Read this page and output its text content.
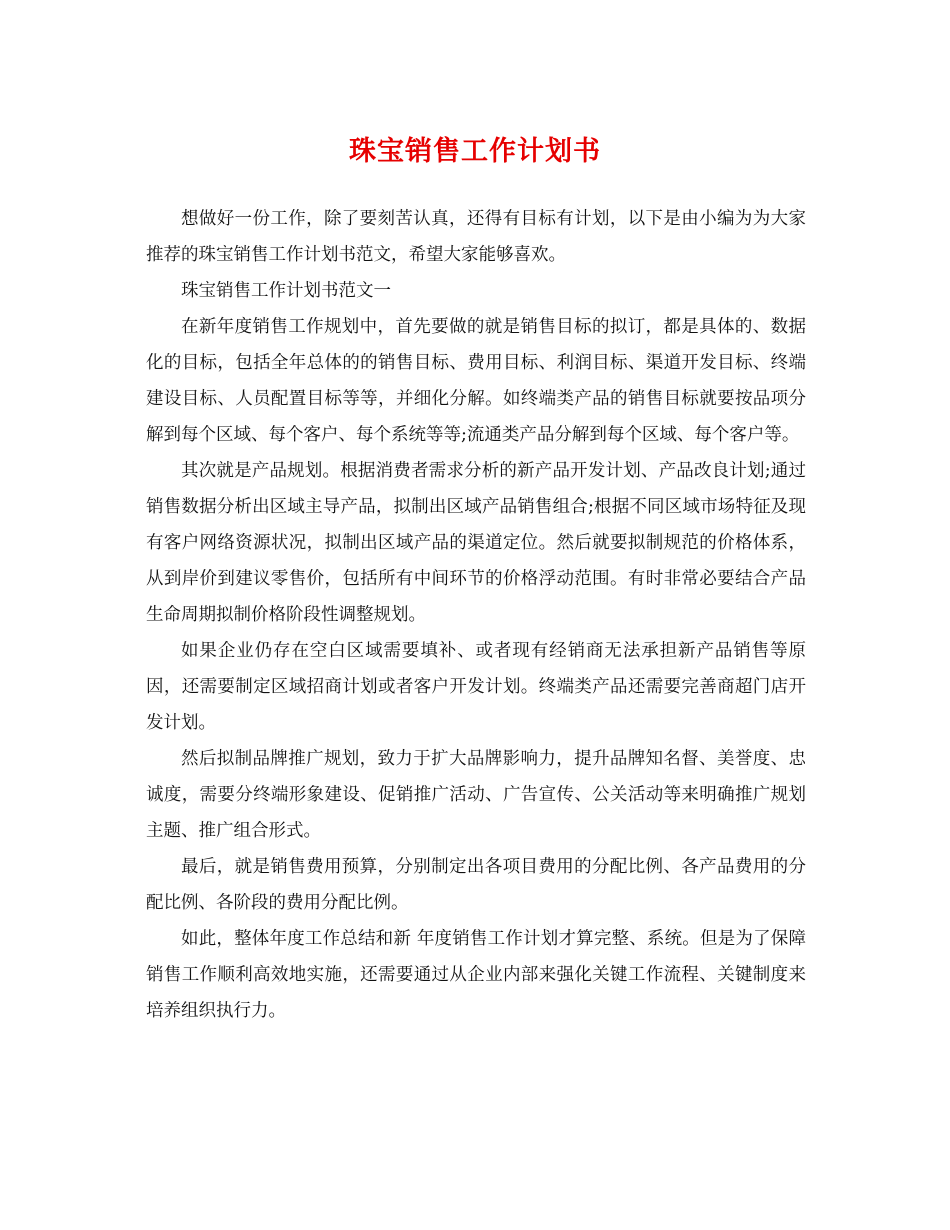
珠宝销售工作计划书

想做好一份工作，除了要刻苦认真，还得有目标有计划，以下是由小编为为大家推荐的珠宝销售工作计划书范文，希望大家能够喜欢。

珠宝销售工作计划书范文一

在新年度销售工作规划中，首先要做的就是销售目标的拟订，都是具体的、数据化的目标，包括全年总体的的销售目标、费用目标、利润目标、渠道开发目标、终端建设目标、人员配置目标等等，并细化分解。如终端类产品的销售目标就要按品项分解到每个区域、每个客户、每个系统等等;流通类产品分解到每个区域、每个客户等。

其次就是产品规划。根据消费者需求分析的新产品开发计划、产品改良计划;通过销售数据分析出区域主导产品，拟制出区域产品销售组合;根据不同区域市场特征及现有客户网络资源状况，拟制出区域产品的渠道定位。然后就要拟制规范的价格体系，从到岸价到建议零售价，包括所有中间环节的价格浮动范围。有时非常必要结合产品生命周期拟制价格阶段性调整规划。

如果企业仍存在空白区域需要填补、或者现有经销商无法承担新产品销售等原因，还需要制定区域招商计划或者客户开发计划。终端类产品还需要完善商超门店开发计划。

然后拟制品牌推广规划，致力于扩大品牌影响力，提升品牌知名督、美誉度、忠诚度，需要分终端形象建设、促销推广活动、广告宣传、公关活动等来明确推广规划主题、推广组合形式。

最后，就是销售费用预算，分别制定出各项目费用的分配比例、各产品费用的分配比例、各阶段的费用分配比例。

如此，整体年度工作总结和新 年度销售工作计划才算完整、系统。但是为了保障销售工作顺利高效地实施，还需要通过从企业内部来强化关键工作流程、关键制度来培养组织执行力。
